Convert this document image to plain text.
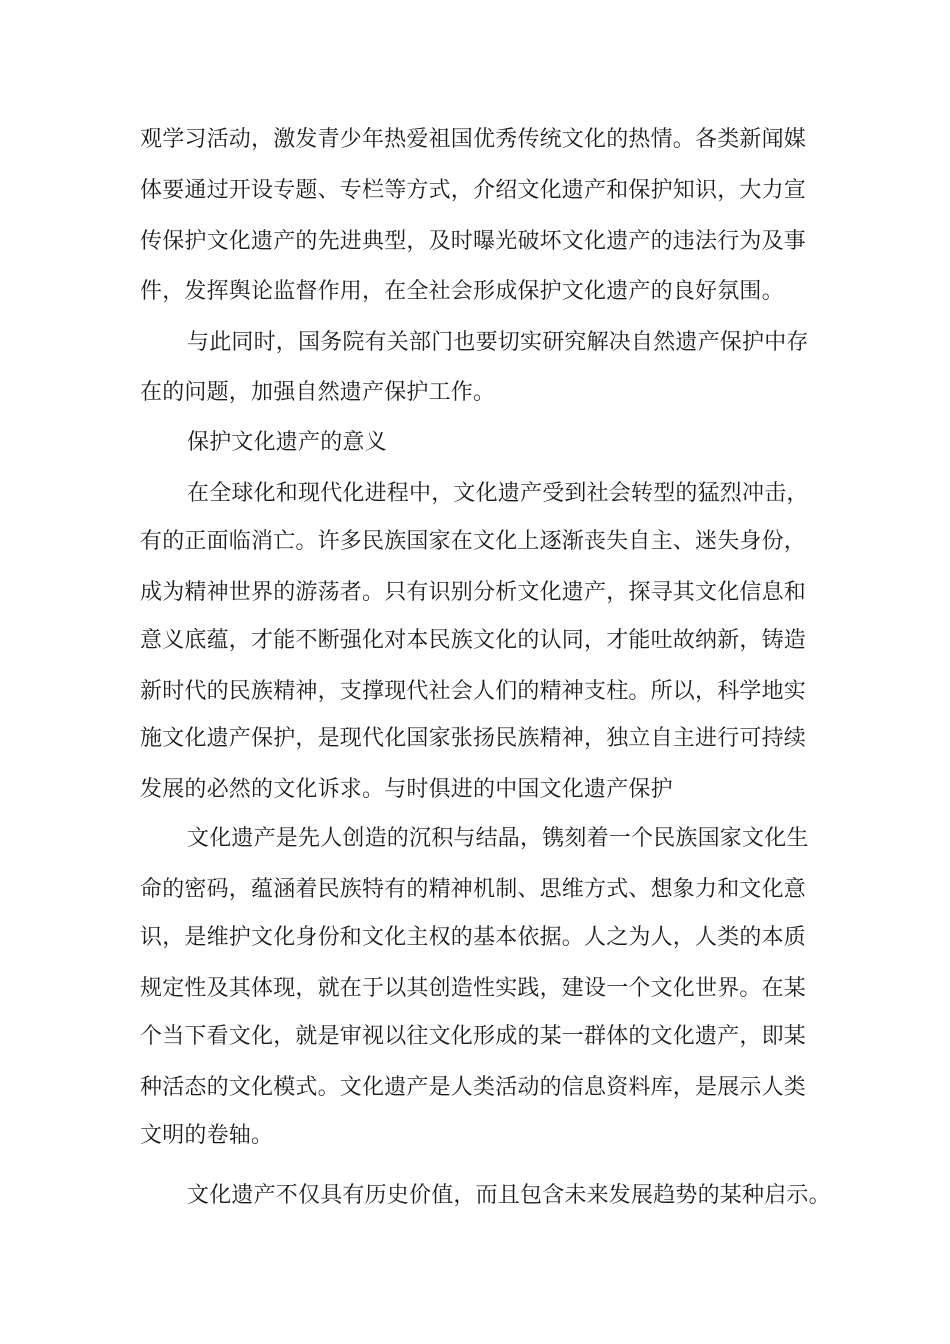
观学习活动，激发青少年热爱祖国优秀传统文化的热情。各类新闻媒
体要通过开设专题、专栏等方式，介绍文化遗产和保护知识，大力宣
传保护文化遗产的先进典型，及时曝光破坏文化遗产的违法行为及事
件，发挥舆论监督作用，在全社会形成保护文化遗产的良好氛围。
与此同时，国务院有关部门也要切实研究解决自然遗产保护中存
在的问题，加强自然遗产保护工作。
保护文化遗产的意义
在全球化和现代化进程中，文化遗产受到社会转型的猛烈冲击，
有的正面临消亡。许多民族国家在文化上逐渐丧失自主、迷失身份，
成为精神世界的游荡者。只有识别分析文化遗产，探寻其文化信息和
意义底蕴，才能不断强化对本民族文化的认同，才能吐故纳新，铸造
新时代的民族精神，支撑现代社会人们的精神支柱。所以，科学地实
施文化遗产保护，是现代化国家张扬民族精神，独立自主进行可持续
发展的必然的文化诉求。与时俱进的中国文化遗产保护
文化遗产是先人创造的沉积与结晶，镌刻着一个民族国家文化生
命的密码，蕴涵着民族特有的精神机制、思维方式、想象力和文化意
识，是维护文化身份和文化主权的基本依据。人之为人，人类的本质
规定性及其体现，就在于以其创造性实践，建设一个文化世界。在某
个当下看文化，就是审视以往文化形成的某一群体的文化遗产，即某
种活态的文化模式。文化遗产是人类活动的信息资料库，是展示人类
文明的卷轴。
文化遗产不仅具有历史价值，而且包含未来发展趋势的某种启示。
